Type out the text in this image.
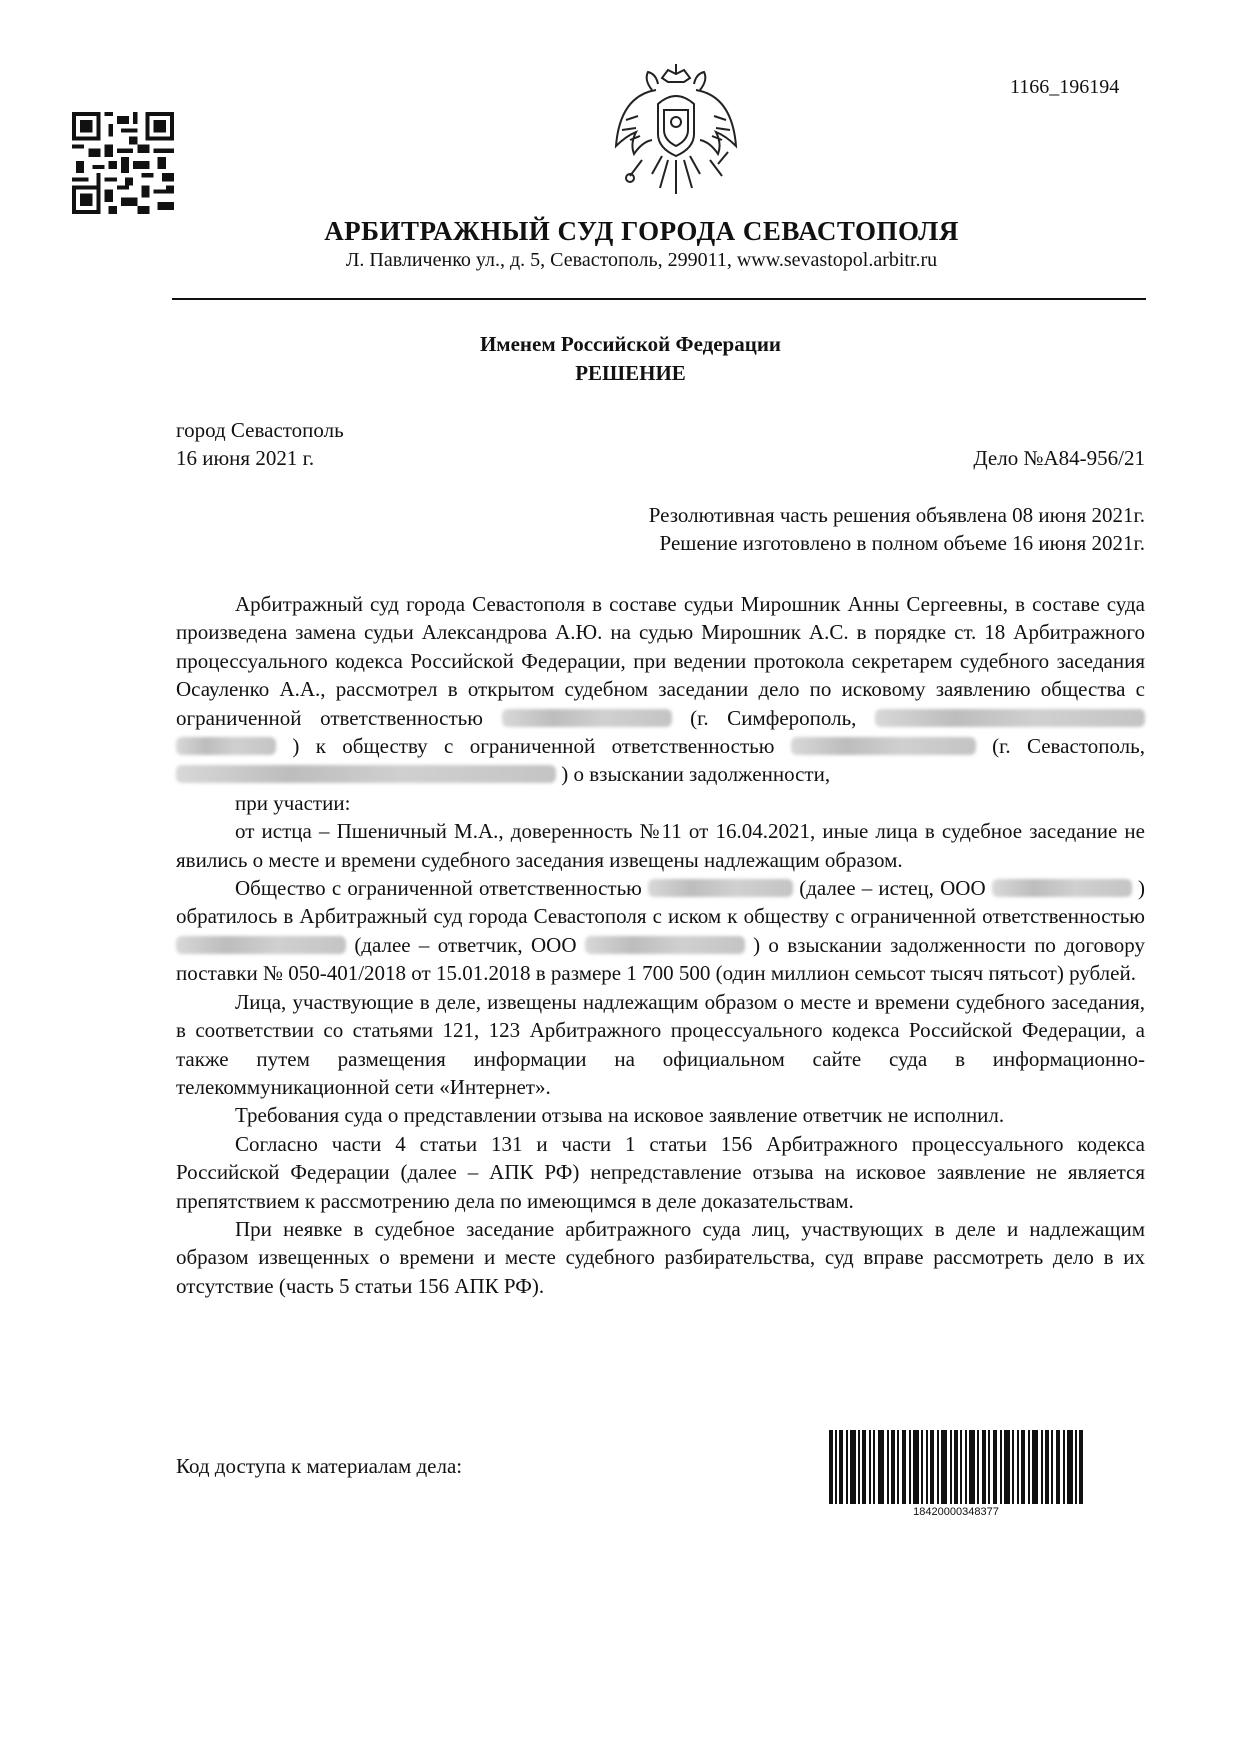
1166_196194
АРБИТРАЖНЫЙ СУД ГОРОДА СЕВАСТОПОЛЯ
Л. Павличенко ул., д. 5, Севастополь, 299011, www.sevastopol.arbitr.ru
Именем Российской Федерации
РЕШЕНИЕ
город Севастополь
16 июня 2021 г.	Дело №А84-956/21
Резолютивная часть решения объявлена 08 июня 2021г.
Решение изготовлено в полном объеме 16 июня 2021г.

Арбитражный суд города Севастополя в составе судьи Мирошник Анны Сергеевны, в составе суда произведена замена судьи Александрова А.Ю. на судью Мирошник А.С. в порядке ст. 18 Арбитражного процессуального кодекса Российской Федерации, при ведении протокола секретарем судебного заседания Осауленко А.А., рассмотрел в открытом судебном заседании дело по исковому заявлению общества с ограниченной ответственностью	(г. Симферополь,   ) к обществу с ограниченной ответственностью	(г. Севастополь,  ) о взыскании задолженности,

при участии:

от истца – Пшеничный М.А., доверенность №11 от 16.04.2021, иные лица в судебное заседание не явились о месте и времени судебного заседания извещены надлежащим образом.

Общество с ограниченной ответственностью	(далее – истец, ООО	) обратилось в Арбитражный суд города Севастополя с иском к обществу с ограниченной ответственностью  (далее – ответчик, ООО	) о взыскании задолженности по договору поставки № 050-401/2018 от 15.01.2018 в размере 1 700 500 (один миллион семьсот тысяч пятьсот) рублей.

Лица, участвующие в деле, извещены надлежащим образом о месте и времени судебного заседания, в соответствии со статьями 121, 123 Арбитражного процессуального кодекса Российской Федерации, а также путем размещения информации на официальном сайте суда в информационно-телекоммуникационной сети «Интернет».

Требования суда о представлении отзыва на исковое заявление ответчик не исполнил.

Согласно части 4 статьи 131 и части 1 статьи 156 Арбитражного процессуального кодекса Российской Федерации (далее – АПК РФ) непредставление отзыва на исковое заявление не является препятствием к рассмотрению дела по имеющимся в деле доказательствам.

При неявке в судебное заседание арбитражного суда лиц, участвующих в деле и надлежащим образом извещенных о времени и месте судебного разбирательства, суд вправе рассмотреть дело в их отсутствие (часть 5 статьи 156 АПК РФ).

Код доступа к материалам дела:
18420000348377
